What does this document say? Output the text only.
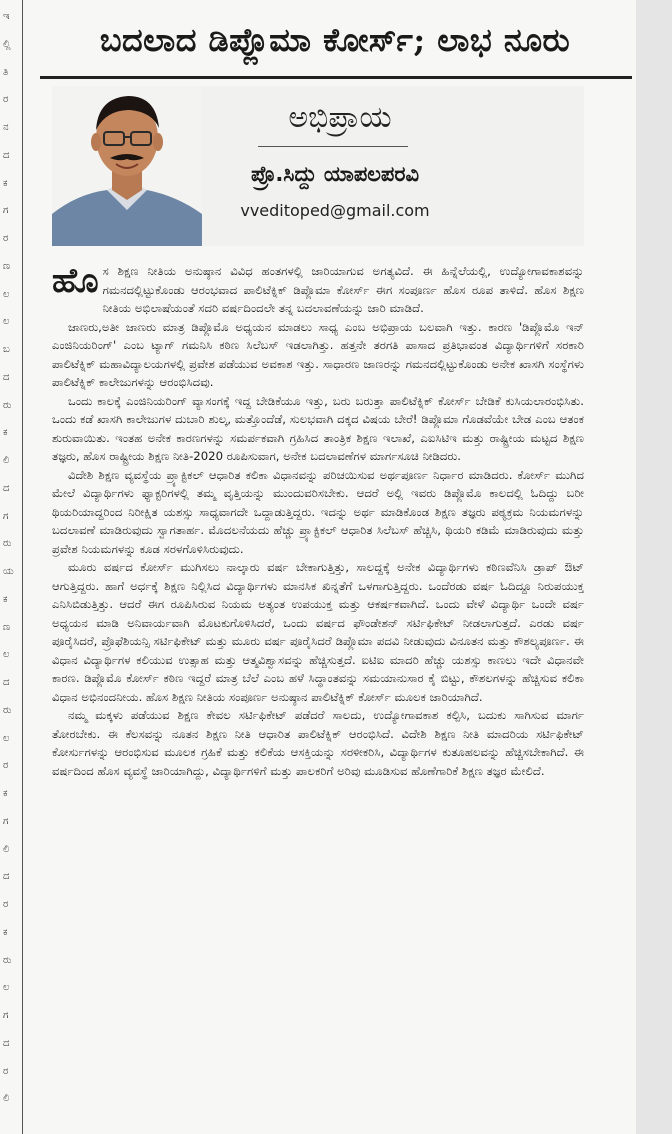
ಇ
ಲ್ಲಿ
ತಿ
ರ
ನ
ದ
ಕ
ಗ
ರ
ಣ
ಲ
ಲ
ಬ
ದ
ರು
ಕ
ಲಿ
ದ
ಗ
ರು
ಯ
ಕ
ಣ
ಲ
ದ
ರು
ಲ
ರ
ಕ
ಗ
ಲಿ
ದ
ರ
ಕ
ರು
ಲ
ಗ
ದ
ರ
ಲಿ
ಬದಲಾದ ಡಿಪ್ಲೊಮಾ ಕೋರ್ಸ್‌; ಲಾಭ ನೂರು
ಅಭಿಪ್ರಾಯ
ಪ್ರೊ.ಸಿದ್ದು ಯಾಪಲಪರವಿ
vveditoped@gmail.com

ಹೊಸ ಶಿಕ್ಷಣ ನೀತಿಯ ಅನುಷ್ಠಾನ ವಿವಿಧ ಹಂತಗಳಲ್ಲಿ ಜಾರಿಯಾಗುವ ಅಗತ್ಯವಿದೆ. ಈ ಹಿನ್ನೆಲೆಯಲ್ಲಿ, ಉದ್ಯೋಗಾವಕಾಶವನ್ನು ಗಮನದಲ್ಲಿಟ್ಟುಕೊಂಡು ಆರಂಭವಾದ ಪಾಲಿಟೆಕ್ನಿಕ್ ಡಿಪ್ಲೊಮಾ ಕೋರ್ಸ್ ಈಗ ಸಂಪೂರ್ಣ ಹೊಸ ರೂಪ ತಾಳಿದೆ. ಹೊಸ ಶಿಕ್ಷಣ ನೀತಿಯ ಅಭಿಲಾಷೆಯಂತೆ ಸದರಿ ವರ್ಷದಿಂದಲೇ ತನ್ನ ಬದಲಾವಣೆಯನ್ನು ಜಾರಿ ಮಾಡಿದೆ.

ಜಾಣರು,ಅತೀ ಜಾಣರು ಮಾತ್ರ ಡಿಪ್ಲೊಮೊ ಅಧ್ಯಯನ ಮಾಡಲು ಸಾಧ್ಯ ಎಂಬ ಅಭಿಪ್ರಾಯ ಬಲವಾಗಿ ಇತ್ತು. ಕಾರಣ 'ಡಿಪ್ಲೊಮೊ ಇನ್ ಎಂಜಿನಿಯರಿಂಗ್' ಎಂಬ ಟ್ಯಾಗ್ ಗಮನಿಸಿ ಕಠಿಣ ಸಿಲೆಬಸ್ ಇಡಲಾಗಿತ್ತು. ಹತ್ತನೇ ತರಗತಿ ಪಾಸಾದ ಪ್ರತಿಭಾವಂತ ವಿದ್ಯಾರ್ಥಿಗಳಿಗೆ ಸರಕಾರಿ ಪಾಲಿಟೆಕ್ನಿಕ್ ಮಹಾವಿದ್ಯಾಲಯಗಳಲ್ಲಿ ಪ್ರವೇಶ ಪಡೆಯುವ ಅವಕಾಶ ಇತ್ತು. ಸಾಧಾರಣ ಜಾಣರನ್ನು ಗಮನದಲ್ಲಿಟ್ಟುಕೊಂಡು ಅನೇಕ ಖಾಸಗಿ ಸಂಸ್ಥೆಗಳು ಪಾಲಿಟೆಕ್ನಿಕ್ ಕಾಲೇಜುಗಳನ್ನು ಆರಂಭಿಸಿದವು.

ಒಂದು ಕಾಲಕ್ಕೆ ಎಂಜಿನಿಯರಿಂಗ್ ವ್ಯಾಸಂಗಕ್ಕೆ ಇದ್ದ ಬೇಡಿಕೆಯೂ ಇತ್ತು, ಬರು ಬರುತ್ತಾ ಪಾಲಿಟೆಕ್ನಿಕ್ ಕೋರ್ಸ್ ಬೇಡಿಕೆ ಕುಸಿಯಲಾರಂಭಿಸಿತು. ಒಂದು ಕಡೆ ಖಾಸಗಿ ಕಾಲೇಜುಗಳ ದುಬಾರಿ ಶುಲ್ಕ, ಮತ್ತೊಂದೆಡೆ, ಸುಲಭವಾಗಿ ದಕ್ಕದ ವಿಷಯ ಬೇರೆ! ಡಿಪ್ಲೊಮಾ ಗೊಡವೆಯೇ ಬೇಡ ಎಂಬ ಆತಂಕ ಶುರುವಾಯಿತು. ಇಂತಹ ಅನೇಕ ಕಾರಣಗಳನ್ನು ಸಮರ್ಪಕವಾಗಿ ಗ್ರಹಿಸಿದ ತಾಂತ್ರಿಕ ಶಿಕ್ಷಣ ಇಲಾಖೆ, ಎಐಸಿಟಿಇ ಮತ್ತು ರಾಷ್ಟ್ರೀಯ ಮಟ್ಟದ ಶಿಕ್ಷಣ ತಜ್ಞರು, ಹೊಸ ರಾಷ್ಟ್ರೀಯ ಶಿಕ್ಷಣ ನೀತಿ-2020 ರೂಪಿಸುವಾಗ, ಅನೇಕ ಬದಲಾವಣೆಗಳ ಮಾರ್ಗಸೂಚಿ ನೀಡಿದರು.

ವಿದೇಶಿ ಶಿಕ್ಷಣ ವ್ಯವಸ್ಥೆಯ ಪ್ರ್ಯಾಕ್ಟಿಕಲ್ ಆಧಾರಿತ ಕಲಿಕಾ ವಿಧಾನವನ್ನು ಪರಿಚಯಿಸುವ ಅರ್ಥಪೂರ್ಣ ನಿರ್ಧಾರ ಮಾಡಿದರು. ಕೋರ್ಸ್ ಮುಗಿದ ಮೇಲೆ ವಿದ್ಯಾರ್ಥಿಗಳು ಫ್ಯಾಕ್ಟರಿಗಳಲ್ಲಿ ತಮ್ಮ ವೃತ್ತಿಯನ್ನು ಮುಂದುವರಿಸಬೇಕು. ಆದರೆ ಅಲ್ಲಿ ಇವರು ಡಿಪ್ಲೊಮೊ ಕಾಲದಲ್ಲಿ ಓದಿದ್ದು ಬರೀ ಥಿಯರಿಯಾದ್ದರಿಂದ ನಿರೀಕ್ಷಿತ ಯಶಸ್ಸು ಸಾಧ್ಯವಾಗದೇ ಒದ್ದಾಡುತ್ತಿದ್ದರು. ಇದನ್ನು ಅರ್ಥ ಮಾಡಿಕೊಂಡ ಶಿಕ್ಷಣ ತಜ್ಞರು ಪಠ್ಯಕ್ರಮ ನಿಯಮಗಳನ್ನು ಬದಲಾವಣೆ ಮಾಡಿರುವುದು ಸ್ವಾಗತಾರ್ಹ. ಮೊದಲನೆಯದು ಹೆಚ್ಚು ಪ್ರ್ಯಾಕ್ಟಿಕಲ್ ಆಧಾರಿತ ಸಿಲೆಬಸ್ ಹೆಚ್ಚಿಸಿ, ಥಿಯರಿ ಕಡಿಮೆ ಮಾಡಿರುವುದು ಮತ್ತು ಪ್ರವೇಶ ನಿಯಮಗಳನ್ನು ಕೂಡ ಸರಳಗೊಳಿಸಿರುವುದು.

ಮೂರು ವರ್ಷದ ಕೋರ್ಸ್ ಮುಗಿಸಲು ನಾಲ್ಕಾರು ವರ್ಷ ಬೇಕಾಗುತ್ತಿತ್ತು, ಸಾಲದ್ದಕ್ಕೆ ಅನೇಕ ವಿದ್ಯಾರ್ಥಿಗಳು ಕಠಿಣವೆನಿಸಿ ಡ್ರಾಪ್ ಔಟ್ ಆಗುತ್ತಿದ್ದರು. ಹಾಗೆ ಅರ್ಧಕ್ಕೆ ಶಿಕ್ಷಣ ನಿಲ್ಲಿಸಿದ ವಿದ್ಯಾರ್ಥಿಗಳು ಮಾನಸಿಕ ಖಿನ್ನತೆಗೆ ಒಳಗಾಗುತ್ತಿದ್ದರು. ಒಂದೆರಡು ವರ್ಷ ಓದಿದ್ದೂ ನಿರುಪಯುಕ್ತ ಎನಿಸಿಬಿಡುತ್ತಿತ್ತು. ಆದರೆ ಈಗ ರೂಪಿಸಿರುವ ನಿಯಮ ಅತ್ಯಂತ ಉಪಯುಕ್ತ ಮತ್ತು ಆಕರ್ಷಕವಾಗಿದೆ. ಒಂದು ವೇಳೆ ವಿದ್ಯಾರ್ಥಿ ಒಂದೇ ವರ್ಷ ಅಧ್ಯಯನ ಮಾಡಿ ಅನಿವಾರ್ಯವಾಗಿ ಮೊಟಕುಗೊಳಿಸಿದರೆ, ಒಂದು ವರ್ಷದ ಫೌಂಡೇಶನ್ ಸರ್ಟಿಫಿಕೇಟ್ ನೀಡಲಾಗುತ್ತದೆ. ಎರಡು ವರ್ಷ ಪೂರೈಸಿದರೆ, ಪ್ರೊಫೆಶಿಯನ್ಸಿ ಸರ್ಟಿಫಿಕೇಟ್ ಮತ್ತು ಮೂರು ವರ್ಷ ಪೂರೈಸಿದರೆ ಡಿಪ್ಲೊಮಾ ಪದವಿ ನೀಡುವುದು ವಿನೂತನ ಮತ್ತು ಕೌಶಲ್ಯಪೂರ್ಣ. ಈ ವಿಧಾನ ವಿದ್ಯಾರ್ಥಿಗಳ ಕಲಿಯುವ ಉತ್ಸಾಹ ಮತ್ತು ಆತ್ಮವಿಶ್ವಾಸವನ್ನು ಹೆಚ್ಚಿಸುತ್ತದೆ. ಐಟಿಐ ಮಾದರಿ ಹೆಚ್ಚು ಯಶಸ್ಸು ಕಾಣಲು ಇದೇ ವಿಧಾನವೇ ಕಾರಣ. ಡಿಪ್ಲೊಮೊ ಕೋರ್ಸ್ ಕಠಿಣ ಇದ್ದರೆ ಮಾತ್ರ ಬೆಲೆ ಎಂಬ ಹಳೆ ಸಿದ್ಧಾಂತವನ್ನು ಸಮಯಾನುಸಾರ ಕೈ ಬಿಟ್ಟು, ಕೌಶಲಗಳನ್ನು ಹೆಚ್ಚಿಸುವ ಕಲಿಕಾ ವಿಧಾನ ಅಭಿನಂದನೀಯ. ಹೊಸ ಶಿಕ್ಷಣ ನೀತಿಯ ಸಂಪೂರ್ಣ ಅನುಷ್ಠಾನ ಪಾಲಿಟೆಕ್ನಿಕ್ ಕೋರ್ಸ್ ಮೂಲಕ ಜಾರಿಯಾಗಿದೆ.

ನಮ್ಮ ಮಕ್ಕಳು ಪಡೆಯುವ ಶಿಕ್ಷಣ ಕೇವಲ ಸರ್ಟಿಫಿಕೇಟ್ ಪಡೆದರೆ ಸಾಲದು, ಉದ್ಯೋಗಾವಕಾಶ ಕಲ್ಪಿಸಿ, ಬದುಕು ಸಾಗಿಸುವ ಮಾರ್ಗ ತೋರಬೇಕು. ಈ ಕೆಲಸವನ್ನು ನೂತನ ಶಿಕ್ಷಣ ನೀತಿ ಆಧಾರಿತ ಪಾಲಿಟೆಕ್ನಿಕ್ ಆರಂಭಿಸಿದೆ. ವಿದೇಶಿ ಶಿಕ್ಷಣ ನೀತಿ ಮಾದರಿಯ ಸರ್ಟಿಫಿಕೇಟ್ ಕೋರ್ಸುಗಳನ್ನು ಆರಂಭಿಸುವ ಮೂಲಕ ಗ್ರಹಿಕೆ ಮತ್ತು ಕಲಿಕೆಯ ಆಸಕ್ತಿಯನ್ನು ಸರಳೀಕರಿಸಿ, ವಿದ್ಯಾರ್ಥಿಗಳ ಕುತೂಹಲವನ್ನು ಹೆಚ್ಚಿಸಬೇಕಾಗಿದೆ. ಈ ವರ್ಷದಿಂದ ಹೊಸ ವ್ಯವಸ್ಥೆ ಜಾರಿಯಾಗಿದ್ದು, ವಿದ್ಯಾರ್ಥಿಗಳಿಗೆ ಮತ್ತು ಪಾಲಕರಿಗೆ ಅರಿವು ಮೂಡಿಸುವ ಹೊಣೆಗಾರಿಕೆ ಶಿಕ್ಷಣ ತಜ್ಞರ ಮೇಲಿದೆ.
